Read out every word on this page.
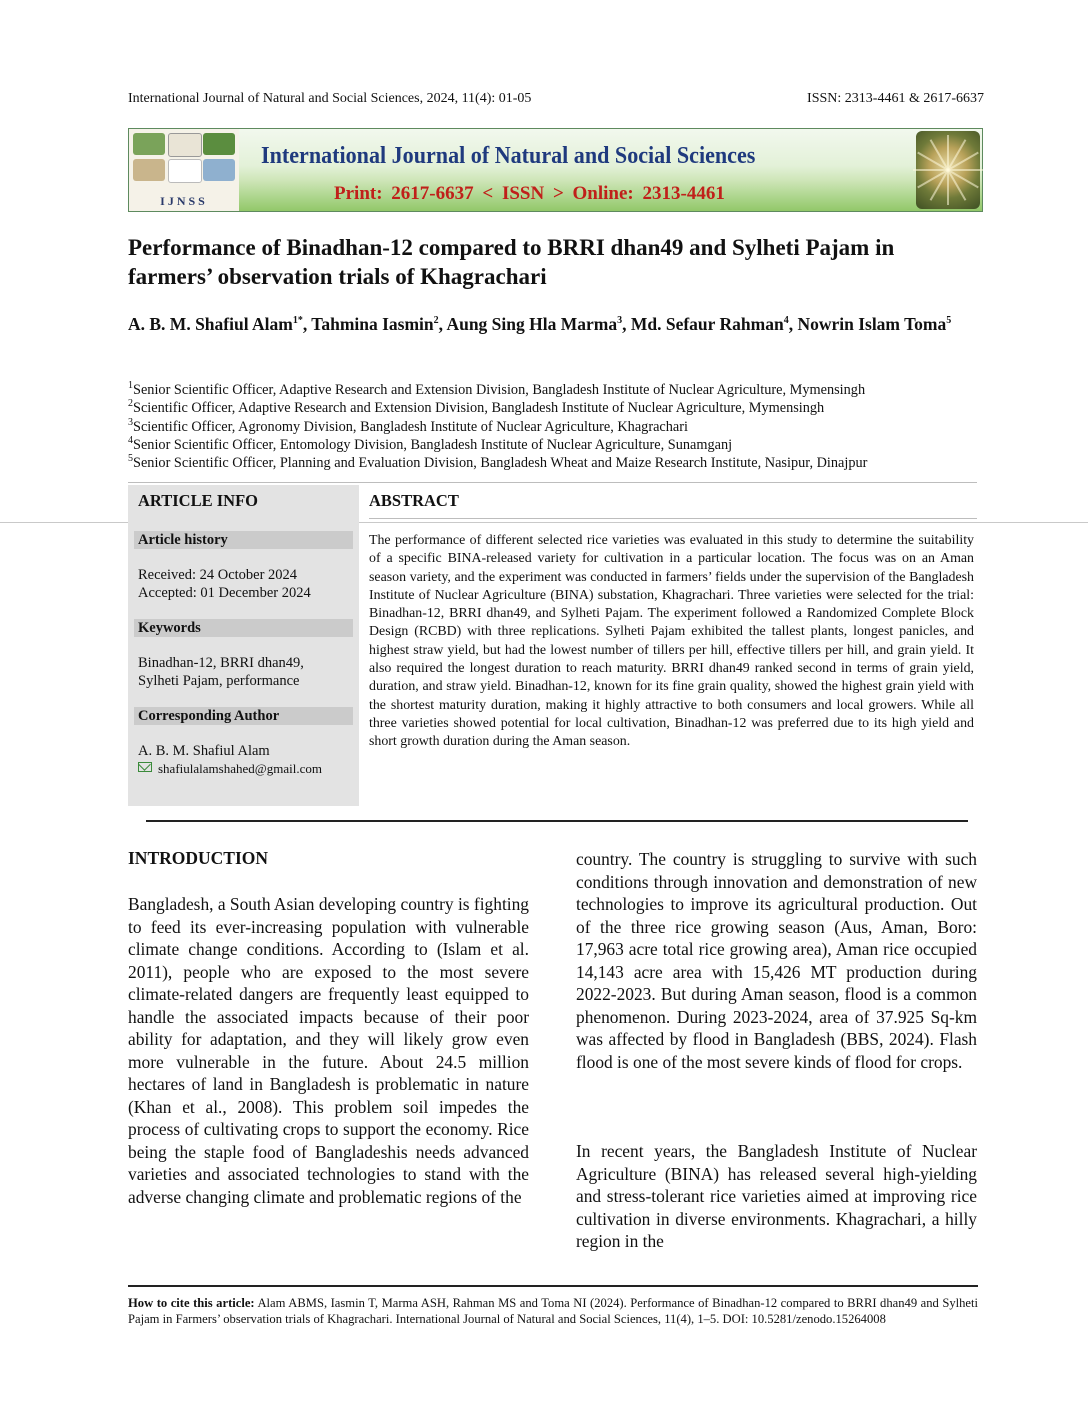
International Journal of Natural and Social Sciences, 2024, 11(4): 01-05	ISSN: 2313-4461 & 2617-6637
IJNSS
International Journal of Natural and Social Sciences
Print: 2617-6637 < ISSN > Online: 2313-4461
Performance of Binadhan-12 compared to BRRI dhan49 and Sylheti Pajam in farmers’ observation trials of Khagrachari

A. B. M. Shafiul Alam$^{1*}$, Tahmina Iasmin$^2$, Aung Sing Hla Marma$^3$, Md. Sefaur Rahman$^4$, Nowrin Islam Toma$^5$

$^1$Senior Scientific Officer, Adaptive Research and Extension Division, Bangladesh Institute of Nuclear Agriculture, Mymensingh
$^2$Scientific Officer, Adaptive Research and Extension Division, Bangladesh Institute of Nuclear Agriculture, Mymensingh
$^3$Scientific Officer, Agronomy Division, Bangladesh Institute of Nuclear Agriculture, Khagrachari
$^4$Senior Scientific Officer, Entomology Division, Bangladesh Institute of Nuclear Agriculture, Sunamganj
$^5$Senior Scientific Officer, Planning and Evaluation Division, Bangladesh Wheat and Maize Research Institute, Nasipur, Dinajpur
ARTICLE INFO
Article history
Received: 24 October 2024
Accepted: 01 December 2024
Keywords
Binadhan-12, BRRI dhan49,
Sylheti Pajam, performance
Corresponding Author
A. B. M. Shafiul Alam
shafiulalamshahed@gmail.com
ABSTRACT

The performance of different selected rice varieties was evaluated in this study to determine the suitability of a specific BINA-released variety for cultivation in a particular location. The focus was on an Aman season variety, and the experiment was conducted in farmers’ fields under the supervision of the Bangladesh Institute of Nuclear Agriculture (BINA) substation, Khagrachari. Three varieties were selected for the trial: Binadhan-12, BRRI dhan49, and Sylheti Pajam. The experiment followed a Randomized Complete Block Design (RCBD) with three replications. Sylheti Pajam exhibited the tallest plants, longest panicles, and highest straw yield, but had the lowest number of tillers per hill, effective tillers per hill, and grain yield. It also required the longest duration to reach maturity. BRRI dhan49 ranked second in terms of grain yield, duration, and straw yield. Binadhan-12, known for its fine grain quality, showed the highest grain yield with the shortest maturity duration, making it highly attractive to both consumers and local growers. While all three varieties showed potential for local cultivation, Binadhan-12 was preferred due to its high yield and short growth duration during the Aman season.

INTRODUCTION

Bangladesh, a South Asian developing country is fighting to feed its ever-increasing population with vulnerable climate change conditions. According to (Islam et al. 2011), people who are exposed to the most severe climate-related dangers are frequently least equipped to handle the associated impacts because of their poor ability for adaptation, and they will likely grow even more vulnerable in the future. About 24.5 million hectares of land in Bangladesh is problematic in nature (Khan et al., 2008). This problem soil impedes the process of cultivating crops to support the economy. Rice being the staple food of Bangladeshis needs advanced varieties and associated technologies to stand with the adverse changing climate and problematic regions of the

country. The country is struggling to survive with such conditions through innovation and demonstration of new technologies to improve its agricultural production. Out of the three rice growing season (Aus, Aman, Boro: 17,963 acre total rice growing area), Aman rice occupied 14,143 acre area with 15,426 MT production during 2022-2023. But during Aman season, flood is a common phenomenon. During 2023-2024, area of 37.925 Sq-km was affected by flood in Bangladesh (BBS, 2024). Flash flood is one of the most severe kinds of flood for crops.

In recent years, the Bangladesh Institute of Nuclear Agriculture (BINA) has released several high-yielding and stress-tolerant rice varieties aimed at improving rice cultivation in diverse environments. Khagrachari, a hilly region in the

How to cite this article: Alam ABMS, Iasmin T, Marma ASH, Rahman MS and Toma NI (2024). Performance of Binadhan-12 compared to BRRI dhan49 and Sylheti Pajam in Farmers’ observation trials of Khagrachari. International Journal of Natural and Social Sciences, 11(4), 1–5. DOI: 10.5281/zenodo.15264008
